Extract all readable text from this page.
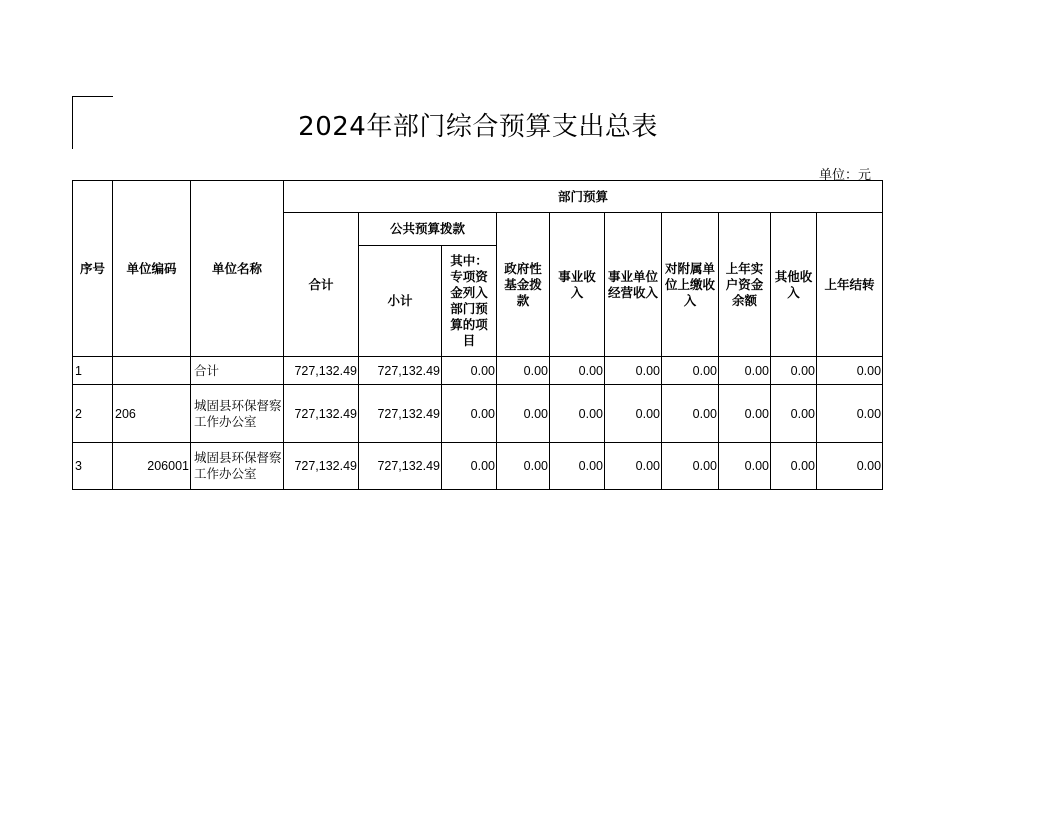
2024年部门综合预算支出总表
单位：元
序号	单位编码	单位名称	部门预算									
			合计	公共预算拨款		政府性基金拨款	事业收入	事业单位经营收入	对附属单位上缴收入	上年实户资金余额	其他收入	上年结转
				小计	其中：专项资金列入部门预算的项目							
1		合计	727,132.49	727,132.49	0.00	0.00	0.00	0.00	0.00	0.00	0.00	0.00
2	206	城固县环保督察工作办公室	727,132.49	727,132.49	0.00	0.00	0.00	0.00	0.00	0.00	0.00	0.00
3	206001	城固县环保督察工作办公室	727,132.49	727,132.49	0.00	0.00	0.00	0.00	0.00	0.00	0.00	0.00
